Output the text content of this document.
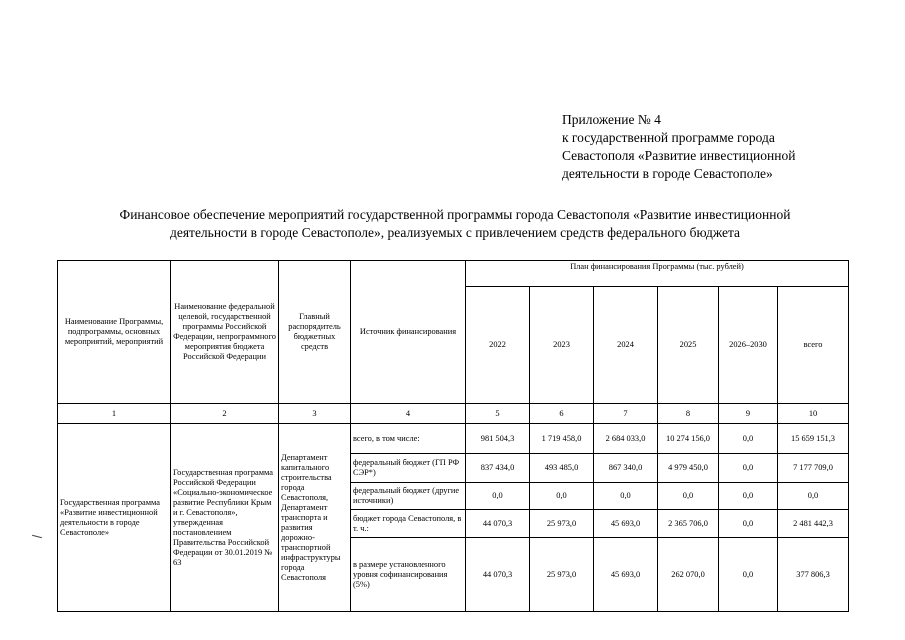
Приложение № 4
к государственной программе города
Севастополя «Развитие инвестиционной
деятельности в городе Севастополе»
Финансовое обеспечение мероприятий государственной программы города Севастополя «Развитие инвестиционной
деятельности в городе Севастополе», реализуемых с привлечением средств федерального бюджета
Наименование Программы, подпрограммы, основных мероприятий, мероприятий	Наименование федеральной целевой, государственной программы Российской Федерации, непрограммного мероприятия бюджета Российской Федерации	Главный распорядитель бюджетных средств	Источник финансирования	План финансирования Программы (тыс. рублей)					
				2022	2023	2024	2025	2026–2030	всего
1	2	3	4	5	6	7	8	9	10
Государственная программа «Развитие инвестиционной деятельности в городе Севастополе»	Государственная программа Российской Федерации «Социально-экономическое развитие Республики Крым и г. Севастополя», утвержденная постановлением Правительства Российской Федерации от 30.01.2019 № 63	Департамент капитального строительства города Севастополя, Департамент транспорта и развития дорожно-транспортной инфраструктуры города Севастополя	всего, в том числе:	981 504,3	1 719 458,0	2 684 033,0	10 274 156,0	0,0	15 659 151,3
			федеральный бюджет (ГП РФ СЭР*)	837 434,0	493 485,0	867 340,0	4 979 450,0	0,0	7 177 709,0
			федеральный бюджет (другие источники)	0,0	0,0	0,0	0,0	0,0	0,0
			бюджет города Севастополя, в т. ч.:	44 070,3	25 973,0	45 693,0	2 365 706,0	0,0	2 481 442,3
			в размере установленного уровня софинансирования (5%)	44 070,3	25 973,0	45 693,0	262 070,0	0,0	377 806,3
